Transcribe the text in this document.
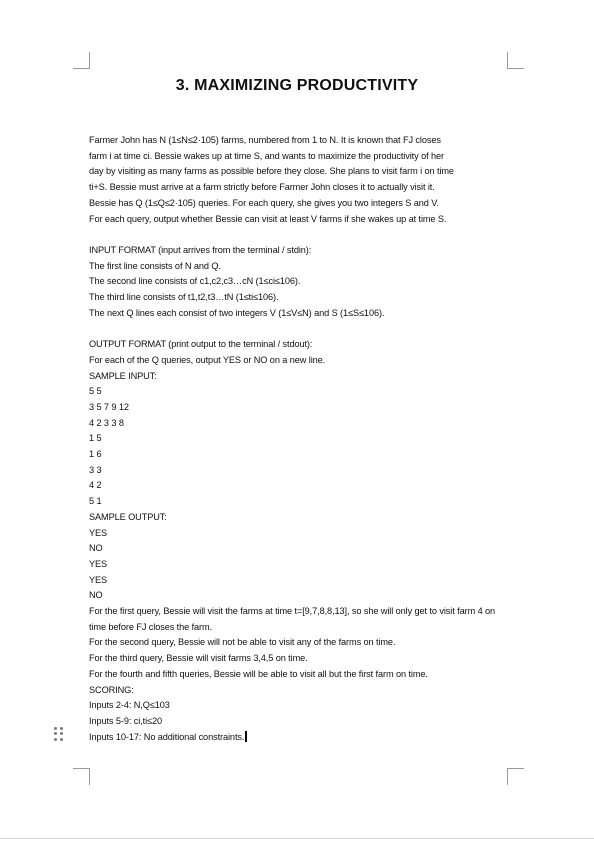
3. MAXIMIZING PRODUCTIVITY

Farmer John has N (1≤N≤2·105) farms, numbered from 1 to N. It is known that FJ closes

farm i at time ci. Bessie wakes up at time S, and wants to maximize the productivity of her

day by visiting as many farms as possible before they close. She plans to visit farm i on time

ti+S. Bessie must arrive at a farm strictly before Farmer John closes it to actually visit it.

Bessie has Q (1≤Q≤2·105) queries. For each query, she gives you two integers S and V.

For each query, output whether Bessie can visit at least V farms if she wakes up at time S.

INPUT FORMAT (input arrives from the terminal / stdin):

The first line consists of N and Q.

The second line consists of c1,c2,c3…cN (1≤ci≤106).

The third line consists of t1,t2,t3…tN (1≤ti≤106).

The next Q lines each consist of two integers V (1≤V≤N) and S (1≤S≤106).

OUTPUT FORMAT (print output to the terminal / stdout):

For each of the Q queries, output YES or NO on a new line.

SAMPLE INPUT:

5 5

3 5 7 9 12

4 2 3 3 8

1 5

1 6

3 3

4 2

5 1

SAMPLE OUTPUT:

YES

NO

YES

YES

NO

For the first query, Bessie will visit the farms at time t=[9,7,8,8,13], so she will only get to visit farm 4 on time before FJ closes the farm.

For the second query, Bessie will not be able to visit any of the farms on time.

For the third query, Bessie will visit farms 3,4,5 on time.

For the fourth and fifth queries, Bessie will be able to visit all but the first farm on time.

SCORING:

Inputs 2-4: N,Q≤103

Inputs 5-9: ci,ti≤20

Inputs 10-17: No additional constraints.
